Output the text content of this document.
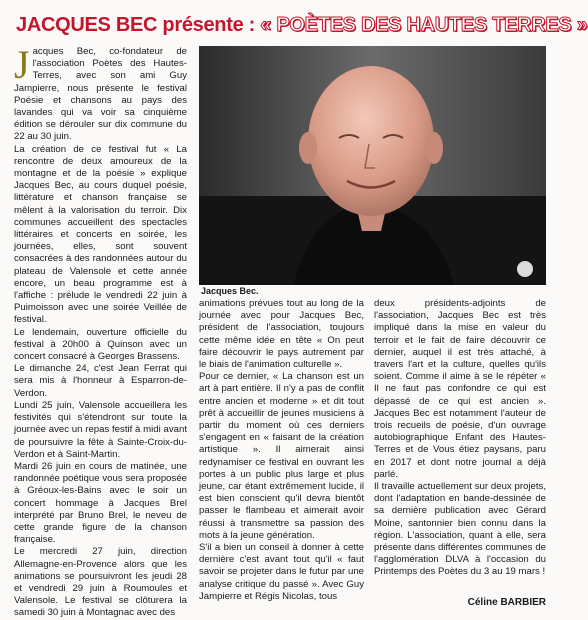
JACQUES BEC présente : « POÈTES DES HAUTES TERRES »

Jacques Bec, co-fondateur de l'association Poètes des Hautes-Terres, avec son ami Guy Jampierre, nous présente le festival Poésie et chansons au pays des lavandes qui va voir sa cinquième édition se dérouler sur dix commune du 22 au 30 juin.

La création de ce festival fut « La rencontre de deux amoureux de la montagne et de la poésie » explique Jacques Bec, au cours duquel poésie, littérature et chanson française se mêlent à la valorisation du terroir. Dix communes accueillent des spectacles littéraires et concerts en soirée, les journées, elles, sont souvent consacrées à des randonnées autour du plateau de Valensole et cette année encore, un beau programme est à l'affiche : prélude le vendredi 22 juin à Puimoisson avec une soirée Veillée de festival.

Le lendemain, ouverture officielle du festival à 20h00 à Quinson avec un concert consacré à Georges Brassens.

Le dimanche 24, c'est Jean Ferrat qui sera mis à l'honneur à Esparron-de-Verdon.

Lundi 25 juin, Valensole accueillera les festivités qui s'étendront sur toute la journée avec un repas festif à midi avant de poursuivre la fête à Sainte-Croix-du-Verdon et à Saint-Martin.

Mardi 26 juin en cours de matinée, une randonnée poétique vous sera proposée à Gréoux-les-Bains avec le soir un concert hommage à Jacques Brel interprété par Bruno Brel, le neveu de cette grande figure de la chanson française.

Le mercredi 27 juin, direction Allemagne-en-Provence alors que les animations se poursuivront les jeudi 28 et vendredi 29 juin à Roumoules et Valensole. Le festival se clôturera la samedi 30 juin à Montagnac avec des

Jacques Bec.

animations prévues tout au long de la journée avec pour Jacques Bec, président de l'association, toujours cette même idée en tête « On peut faire découvrir le pays autrement par le biais de l'animation culturelle ».

Pour ce dernier, « La chanson est un art à part entière. Il n'y a pas de conflit entre ancien et moderne » et dit tout prêt à accueillir de jeunes musiciens à partir du moment où ces derniers s'engagent en « faisant de la création artistique ». Il aimerait ainsi redynamiser ce festival en ouvrant les portes à un public plus large et plus jeune, car étant extrêmement lucide, il est bien conscient qu'il devra bientôt passer le flambeau et aimerait avoir réussi à transmettre sa passion des mots à la jeune génération.

S'il a bien un conseil à donner à cette dernière c'est avant tout qu'il « faut savoir se projeter dans le futur par une analyse critique du passé ». Avec Guy Jampierre et Régis Nicolas, tous

deux présidents-adjoints de l'association, Jacques Bec est très impliqué dans la mise en valeur du terroir et le fait de faire découvrir ce dernier, auquel il est très attaché, à travers l'art et la culture, quelles qu'ils soient. Comme il aime à se le répéter « Il ne faut pas confondre ce qui est dépassé de ce qui est ancien ». Jacques Bec est notamment l'auteur de trois recueils de poésie, d'un ouvrage autobiographique Enfant des Hautes-Terres et de Vous étiez paysans, paru en 2017 et dont notre journal a déjà parlé.

Il travaille actuellement sur deux projets, dont l'adaptation en bande-dessinée de sa dernière publication avec Gérard Moine, santonnier bien connu dans la région. L'association, quant à elle, sera présente dans différentes communes de l'agglomération DLVA à l'occasion du Printemps des Poètes du 3 au 19 mars !

Céline BARBIER
